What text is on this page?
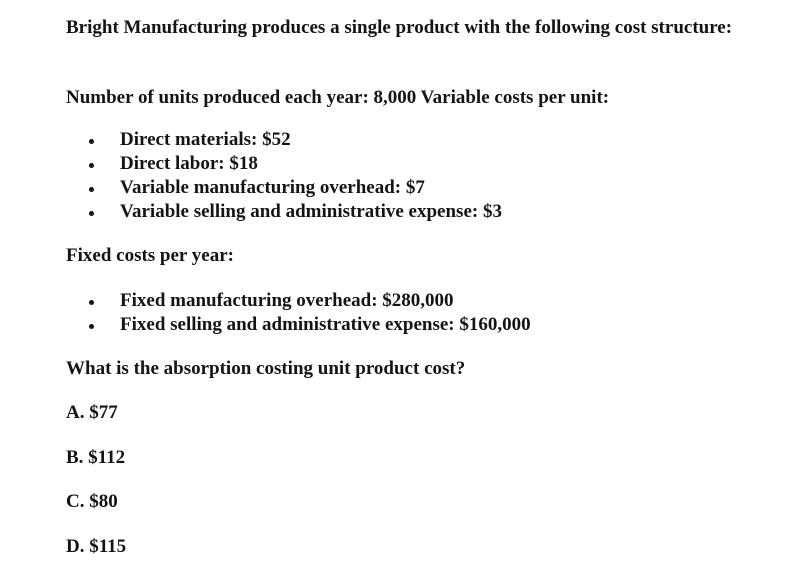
Bright Manufacturing produces a single product with the following cost structure:

Number of units produced each year: 8,000 Variable costs per unit:

Direct materials: $52
Direct labor: $18
Variable manufacturing overhead: $7
Variable selling and administrative expense: $3

Fixed costs per year:

Fixed manufacturing overhead: $280,000
Fixed selling and administrative expense: $160,000

What is the absorption costing unit product cost?

A. $77

B. $112

C. $80

D. $115
